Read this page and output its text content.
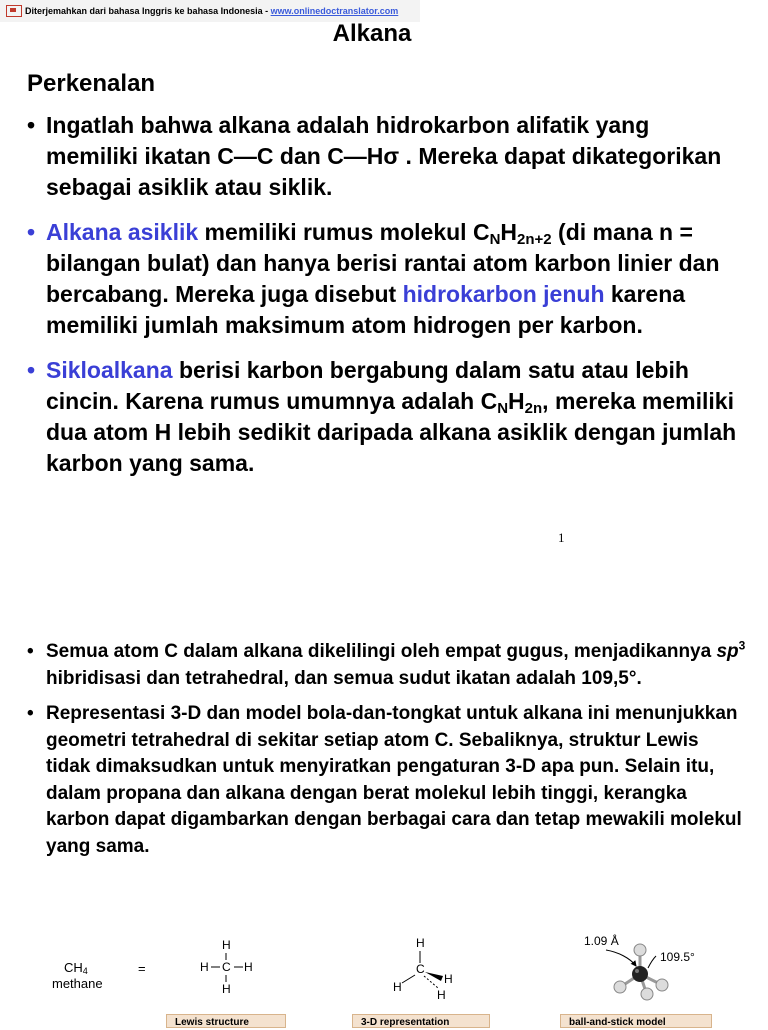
Diterjemahkan dari bahasa Inggris ke bahasa Indonesia - www.onlinedoctranslator.com
Alkana
Perkenalan
• Ingatlah bahwa alkana adalah hidrokarbon alifatik yang memiliki ikatan C—C dan C—Hσ . Mereka dapat dikategorikan sebagai asiklik atau siklik.
• Alkana asiklik memiliki rumus molekul $C_NH_{2n+2}$ (di mana n = bilangan bulat) dan hanya berisi rantai atom karbon linier dan bercabang. Mereka juga disebut hidrokarbon jenuh karena memiliki jumlah maksimum atom hidrogen per karbon.
• Sikloalkana berisi karbon bergabung dalam satu atau lebih cincin. Karena rumus umumnya adalah $C_NH_{2n}$, mereka memiliki dua atom H lebih sedikit daripada alkana asiklik dengan jumlah karbon yang sama.
1
• Semua atom C dalam alkana dikelilingi oleh empat gugus, menjadikannya $sp^3$ hibridisasi dan tetrahedral, dan semua sudut ikatan adalah 109,5°.
• Representasi 3-D dan model bola-dan-tongkat untuk alkana ini menunjukkan geometri tetrahedral di sekitar setiap atom C. Sebaliknya, struktur Lewis tidak dimaksudkan untuk menyiratkan pengaturan 3-D apa pun. Selain itu, dalam propana dan alkana dengan berat molekul lebih tinggi, kerangka karbon dapat digambarkan dengan berbagai cara dan tetap mewakili molekul yang sama.
$CH_4$
methane
=
H
C
H	H
H
H
C
H
H
H
1.09 Å
109.5°
Lewis structure	3-D representation	ball-and-stick model
